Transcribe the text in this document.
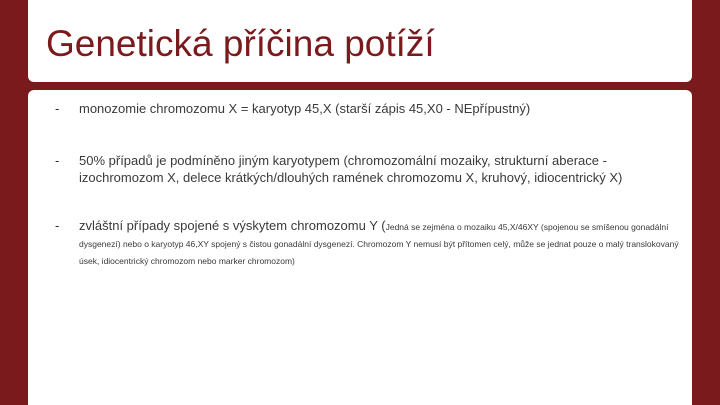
Genetická příčina potíží
- monozomie chromozomu X = karyotyp 45,X (starší zápis 45,X0 - NEpřípustný)
- 50% případů je podmíněno jiným karyotypem (chromozomální mozaiky, strukturní aberace - izochromozom X, delece krátkých/dlouhých ramének chromozomu X, kruhový, idiocentrický X)
- zvláštní případy spojené s výskytem chromozomu Y (Jedná se zejména o mozaiku 45,X/46XY (spojenou se smíšenou gonadální dysgenezí) nebo o karyotyp 46,XY spojený s čistou gonadální dysgenezí. Chromozom Y nemusí být přítomen celý, může se jednat pouze o malý translokovaný úsek, idiocentrický chromozom nebo marker chromozom)
